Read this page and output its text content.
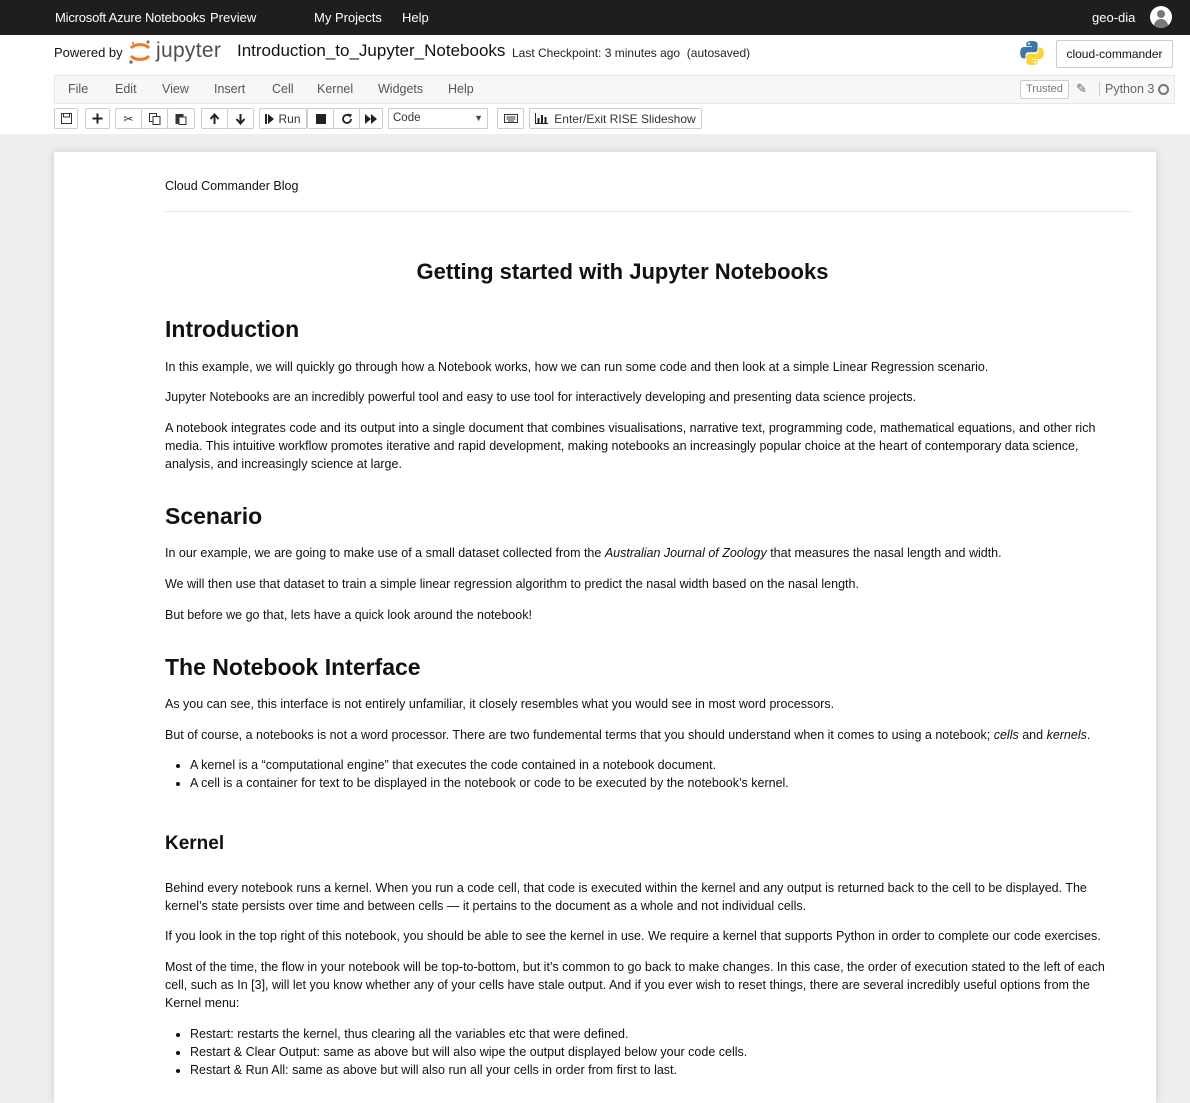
Microsoft Azure Notebooks Preview	My Projects Help	geo-dia
Powered by jupyter Introduction_to_Jupyter_Notebooks Last Checkpoint: 3 minutes ago (autosaved)	cloud-commander
File Edit View Insert Cell Kernel Widgets Help	Trusted	✎	Python 3
✂	Run	Code	▼	Enter/Exit RISE Slideshow
Cloud Commander Blog
Getting started with Jupyter Notebooks
Introduction
In this example, we will quickly go through how a Notebook works, how we can run some code and then look at a simple Linear Regression scenario.
Jupyter Notebooks are an incredibly powerful tool and easy to use tool for interactively developing and presenting data science projects.
A notebook integrates code and its output into a single document that combines visualisations, narrative text, programming code, mathematical equations, and other rich media. This intuitive workflow promotes iterative and rapid development, making notebooks an increasingly popular choice at the heart of contemporary data science, analysis, and increasingly science at large.
Scenario
In our example, we are going to make use of a small dataset collected from the Australian Journal of Zoology that measures the nasal length and width.
We will then use that dataset to train a simple linear regression algorithm to predict the nasal width based on the nasal length.
But before we go that, lets have a quick look around the notebook!
The Notebook Interface
As you can see, this interface is not entirely unfamiliar, it closely resembles what you would see in most word processors.
But of course, a notebooks is not a word processor. There are two fundemental terms that you should understand when it comes to using a notebook; cells and kernels.
• A kernel is a “computational engine” that executes the code contained in a notebook document.
• A cell is a container for text to be displayed in the notebook or code to be executed by the notebook’s kernel.
Kernel
Behind every notebook runs a kernel. When you run a code cell, that code is executed within the kernel and any output is returned back to the cell to be displayed. The kernel’s state persists over time and between cells — it pertains to the document as a whole and not individual cells.
If you look in the top right of this notebook, you should be able to see the kernel in use. We require a kernel that supports Python in order to complete our code exercises.
Most of the time, the flow in your notebook will be top-to-bottom, but it’s common to go back to make changes. In this case, the order of execution stated to the left of each cell, such as In [3], will let you know whether any of your cells have stale output. And if you ever wish to reset things, there are several incredibly useful options from the Kernel menu:
• Restart: restarts the kernel, thus clearing all the variables etc that were defined.
• Restart & Clear Output: same as above but will also wipe the output displayed below your code cells.
• Restart & Run All: same as above but will also run all your cells in order from first to last.
